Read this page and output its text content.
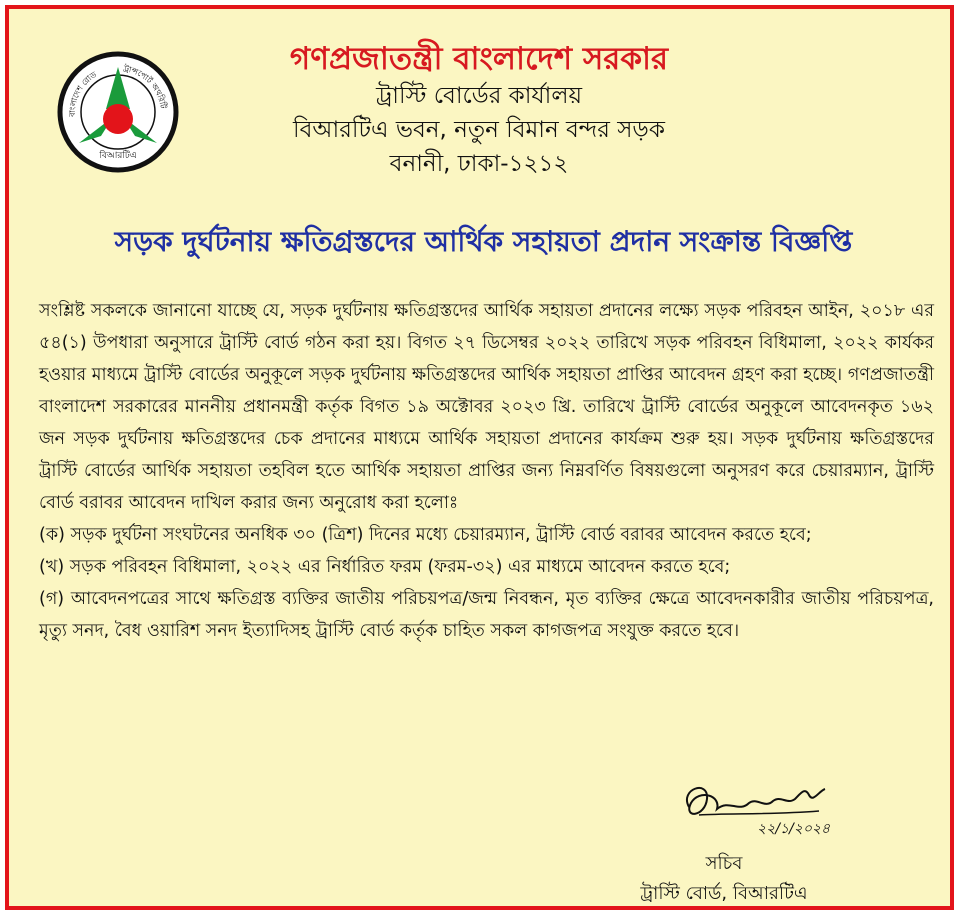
বাংলাদেশ রোড
ট্রান্সপোর্ট অথরিটি
বিআরটিএ

গণপ্রজাতন্ত্রী বাংলাদেশ সরকার

ট্রাস্টি বোর্ডের কার্যালয়

বিআরটিএ ভবন, নতুন বিমান বন্দর সড়ক

বনানী, ঢাকা-১২১২

সড়ক দুর্ঘটনায় ক্ষতিগ্রস্তদের আর্থিক সহায়তা প্রদান সংক্রান্ত বিজ্ঞপ্তি

সংশ্লিষ্ট সকলকে জানানো যাচ্ছে যে, সড়ক দুর্ঘটনায় ক্ষতিগ্রস্তদের আর্থিক সহায়তা প্রদানের লক্ষ্যে সড়ক পরিবহন আইন, ২০১৮ এর ৫৪(১) উপধারা অনুসারে ট্রাস্টি বোর্ড গঠন করা হয়। বিগত ২৭ ডিসেম্বর ২০২২ তারিখে সড়ক পরিবহন বিধিমালা, ২০২২ কার্যকর হওয়ার মাধ্যমে ট্রাস্টি বোর্ডের অনুকূলে সড়ক দুর্ঘটনায় ক্ষতিগ্রস্তদের আর্থিক সহায়তা প্রাপ্তির আবেদন গ্রহণ করা হচ্ছে। গণপ্রজাতন্ত্রী বাংলাদেশ সরকারের মাননীয় প্রধানমন্ত্রী কর্তৃক বিগত ১৯ অক্টোবর ২০২৩ খ্রি. তারিখে ট্রাস্টি বোর্ডের অনুকূলে আবেদনকৃত ১৬২ জন সড়ক দুর্ঘটনায় ক্ষতিগ্রস্তদের চেক প্রদানের মাধ্যমে আর্থিক সহায়তা প্রদানের কার্যক্রম শুরু হয়। সড়ক দুর্ঘটনায় ক্ষতিগ্রস্তদের ট্রাস্টি বোর্ডের আর্থিক সহায়তা তহবিল হতে আর্থিক সহায়তা প্রাপ্তির জন্য নিম্নবর্ণিত বিষয়গুলো অনুসরণ করে চেয়ারম্যান, ট্রাস্টি বোর্ড বরাবর আবেদন দাখিল করার জন্য অনুরোধ করা হলোঃ

(ক) সড়ক দুর্ঘটনা সংঘটনের অনধিক ৩০ (ত্রিশ) দিনের মধ্যে চেয়ারম্যান, ট্রাস্টি বোর্ড বরাবর আবেদন করতে হবে;

(খ) সড়ক পরিবহন বিধিমালা, ২০২২ এর নির্ধারিত ফরম (ফরম-৩২) এর মাধ্যমে আবেদন করতে হবে;

(গ) আবেদনপত্রের সাথে ক্ষতিগ্রস্ত ব্যক্তির জাতীয় পরিচয়পত্র/জন্ম নিবন্ধন, মৃত ব্যক্তির ক্ষেত্রে আবেদনকারীর জাতীয় পরিচয়পত্র, মৃত্যু সনদ, বৈধ ওয়ারিশ সনদ ইত্যাদিসহ ট্রাস্টি বোর্ড কর্তৃক চাহিত সকল কাগজপত্র সংযুক্ত করতে হবে।

২২/১/২০২৪

সচিব

ট্রাস্টি বোর্ড, বিআরটিএ
